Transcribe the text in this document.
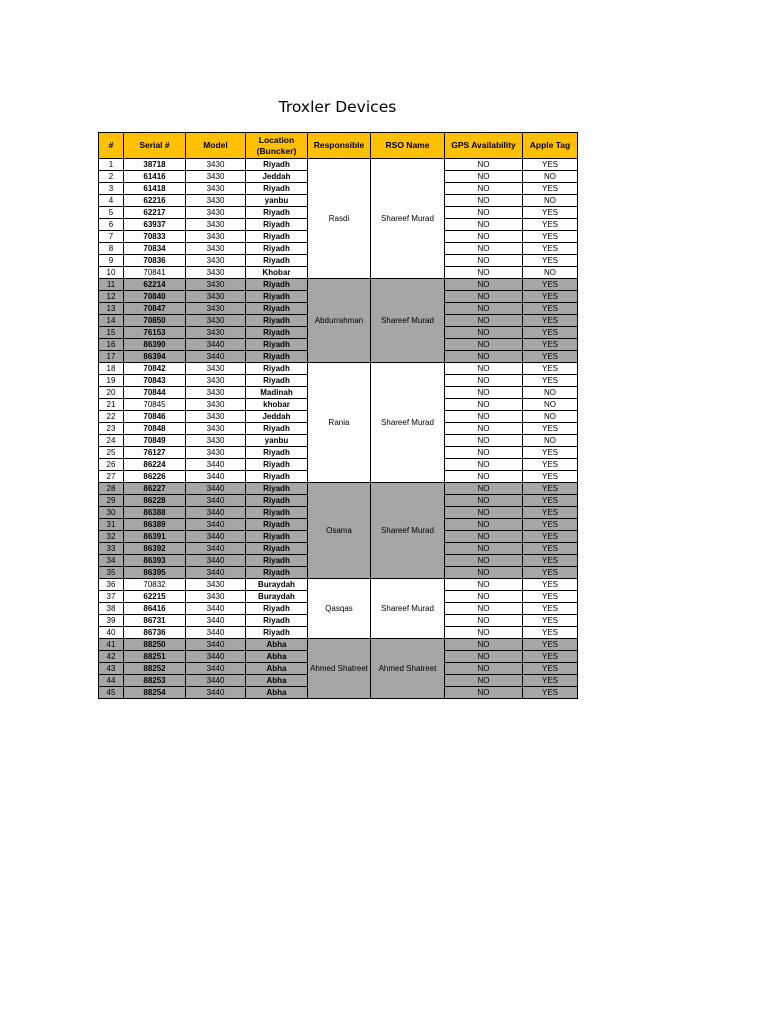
Troxler Devices
#	Serial #	Model	Location (Buncker)	Responsible	RSO Name	GPS Availability	Apple Tag
1	38718	3430	Riyadh	Rasdi	Shareef Murad	NO	YES
2	61416	3430	Jeddah			NO	NO
3	61418	3430	Riyadh			NO	YES
4	62216	3430	yanbu			NO	NO
5	62217	3430	Riyadh			NO	YES
6	63937	3430	Riyadh			NO	YES
7	70833	3430	Riyadh			NO	YES
8	70834	3430	Riyadh			NO	YES
9	70836	3430	Riyadh			NO	YES
10	70841	3430	Khobar			NO	NO
11	62214	3430	Riyadh	Abdurrahman	Shareef Murad	NO	YES
12	70840	3430	Riyadh			NO	YES
13	70847	3430	Riyadh			NO	YES
14	70850	3430	Riyadh			NO	YES
15	76153	3430	Riyadh			NO	YES
16	86390	3440	Riyadh			NO	YES
17	86394	3440	Riyadh			NO	YES
18	70842	3430	Riyadh	Rania	Shareef Murad	NO	YES
19	70843	3430	Riyadh			NO	YES
20	70844	3430	Madinah			NO	NO
21	70845	3430	khobar			NO	NO
22	70846	3430	Jeddah			NO	NO
23	70848	3430	Riyadh			NO	YES
24	70849	3430	yanbu			NO	NO
25	76127	3430	Riyadh			NO	YES
26	86224	3440	Riyadh			NO	YES
27	86226	3440	Riyadh			NO	YES
28	86227	3440	Riyadh	Osama	Shareef Murad	NO	YES
29	86228	3440	Riyadh			NO	YES
30	86388	3440	Riyadh			NO	YES
31	86389	3440	Riyadh			NO	YES
32	86391	3440	Riyadh			NO	YES
33	86392	3440	Riyadh			NO	YES
34	86393	3440	Riyadh			NO	YES
35	86395	3440	Riyadh			NO	YES
36	70832	3430	Buraydah	Qasqas	Shareef Murad	NO	YES
37	62215	3430	Buraydah			NO	YES
38	86416	3440	Riyadh			NO	YES
39	86731	3440	Riyadh			NO	YES
40	86736	3440	Riyadh			NO	YES
41	88250	3440	Abha	Ahmed Shatreet	Ahmed Shatreet	NO	YES
42	88251	3440	Abha			NO	YES
43	88252	3440	Abha			NO	YES
44	88253	3440	Abha			NO	YES
45	88254	3440	Abha			NO	YES
